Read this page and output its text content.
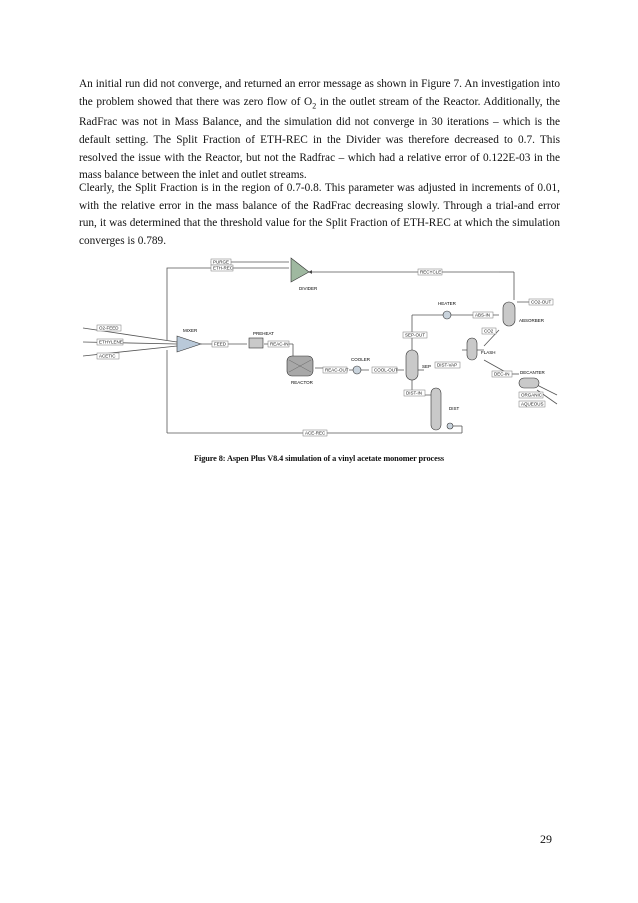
An initial run did not converge, and returned an error message as shown in Figure 7. An investigation into the problem showed that there was zero flow of $O_2$ in the outlet stream of the Reactor. Additionally, the RadFrac was not in Mass Balance, and the simulation did not converge in 30 iterations – which is the default setting. The Split Fraction of ETH-REC in the Divider was therefore decreased to 0.7. This resolved the issue with the Reactor, but not the Radfrac – which had a relative error of 0.122E-03 in the mass balance between the inlet and outlet streams.

Clearly, the Split Fraction is in the region of 0.7-0.8. This parameter was adjusted in increments of 0.01, with the relative error in the mass balance of the RadFrac decreasing slowly. Through a trial-and error run, it was determined that the threshold value for the Split Fraction of ETH-REC at which the simulation converges is 0.789.

PURGE
ETH-REC
RECYCLE
O2-FEED
ETHYLENE
ACETIC
FEED	REAC-IN
REAC-OUT	COOL-OUT
SEP-OUT
ABS-IN
CO2-OUT
CO2
DIST-VAP
DEC-IN
DIST-IN	ORGANIC
AQUEOUS
ACE-REC
DIVIDER
MIXER
PREHEAT
REACTOR
COOLER
SEP
HEATER
ABSORBER
FLASH
DECANTER
DIST
Figure 8: Aspen Plus V8.4 simulation of a vinyl acetate monomer process
29
